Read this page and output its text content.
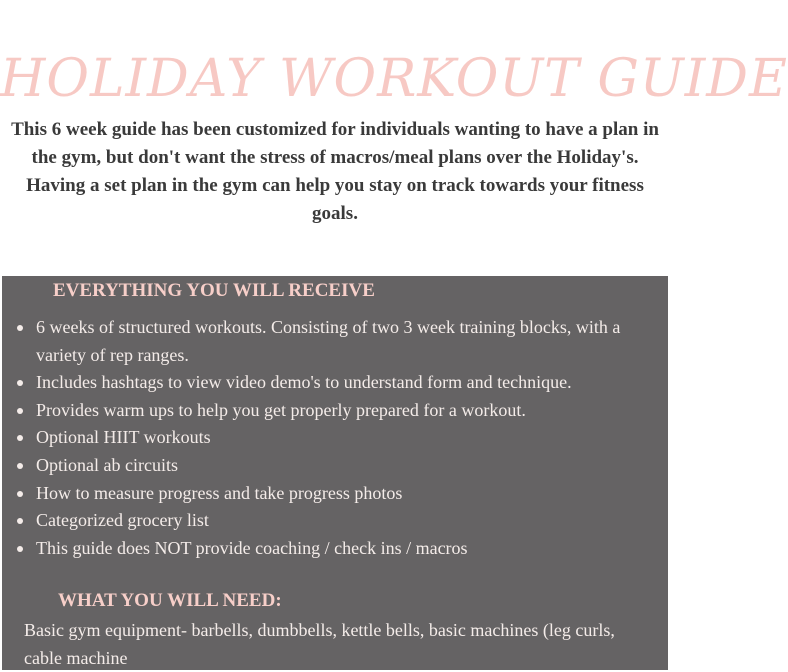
HOLIDAY WORKOUT GUIDE

This 6 week guide has been customized for individuals wanting to have a plan in the gym, but don't want the stress of macros/meal plans over the Holiday's. Having a set plan in the gym can help you stay on track towards your fitness goals.

EVERYTHING YOU WILL RECEIVE
6 weeks of structured workouts. Consisting of two 3 week training blocks, with a variety of rep ranges.
Includes hashtags to view video demo's to understand form and technique.
Provides warm ups to help you get properly prepared for a workout.
Optional HIIT workouts
Optional ab circuits
How to measure progress and take progress photos
Categorized grocery list
This guide does NOT provide coaching / check ins / macros
WHAT YOU WILL NEED:

Basic gym equipment- barbells, dumbbells, kettle bells, basic machines (leg curls, cable machine
